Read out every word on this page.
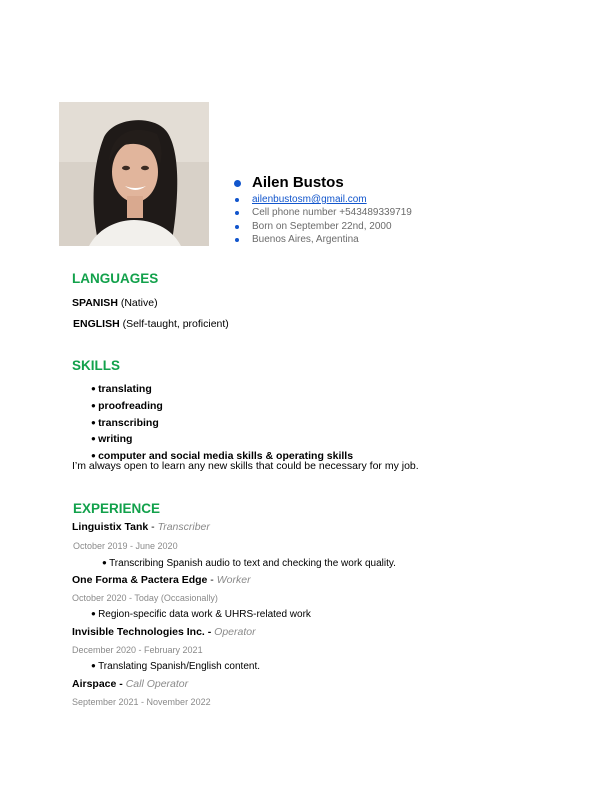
Ailen Bustos
ailenbustosm@gmail.com
Cell phone number +543489339719
Born on September 22nd, 2000
Buenos Aires, Argentina
LANGUAGES
SPANISH (Native)
ENGLISH (Self-taught, proficient)
SKILLS
● translating
● proofreading
● transcribing
● writing
● computer and social media skills & operating skills
I’m always open to learn any new skills that could be necessary for my job.
EXPERIENCE
Linguistix Tank - Transcriber
October 2019 - June 2020
● Transcribing Spanish audio to text and checking the work quality.
One Forma & Pactera Edge - Worker
October 2020 - Today (Occasionally)
● Region-specific data work & UHRS-related work
Invisible Technologies Inc. - Operator
December 2020 - February 2021
● Translating Spanish/English content.
Airspace - Call Operator
September 2021 - November 2022
